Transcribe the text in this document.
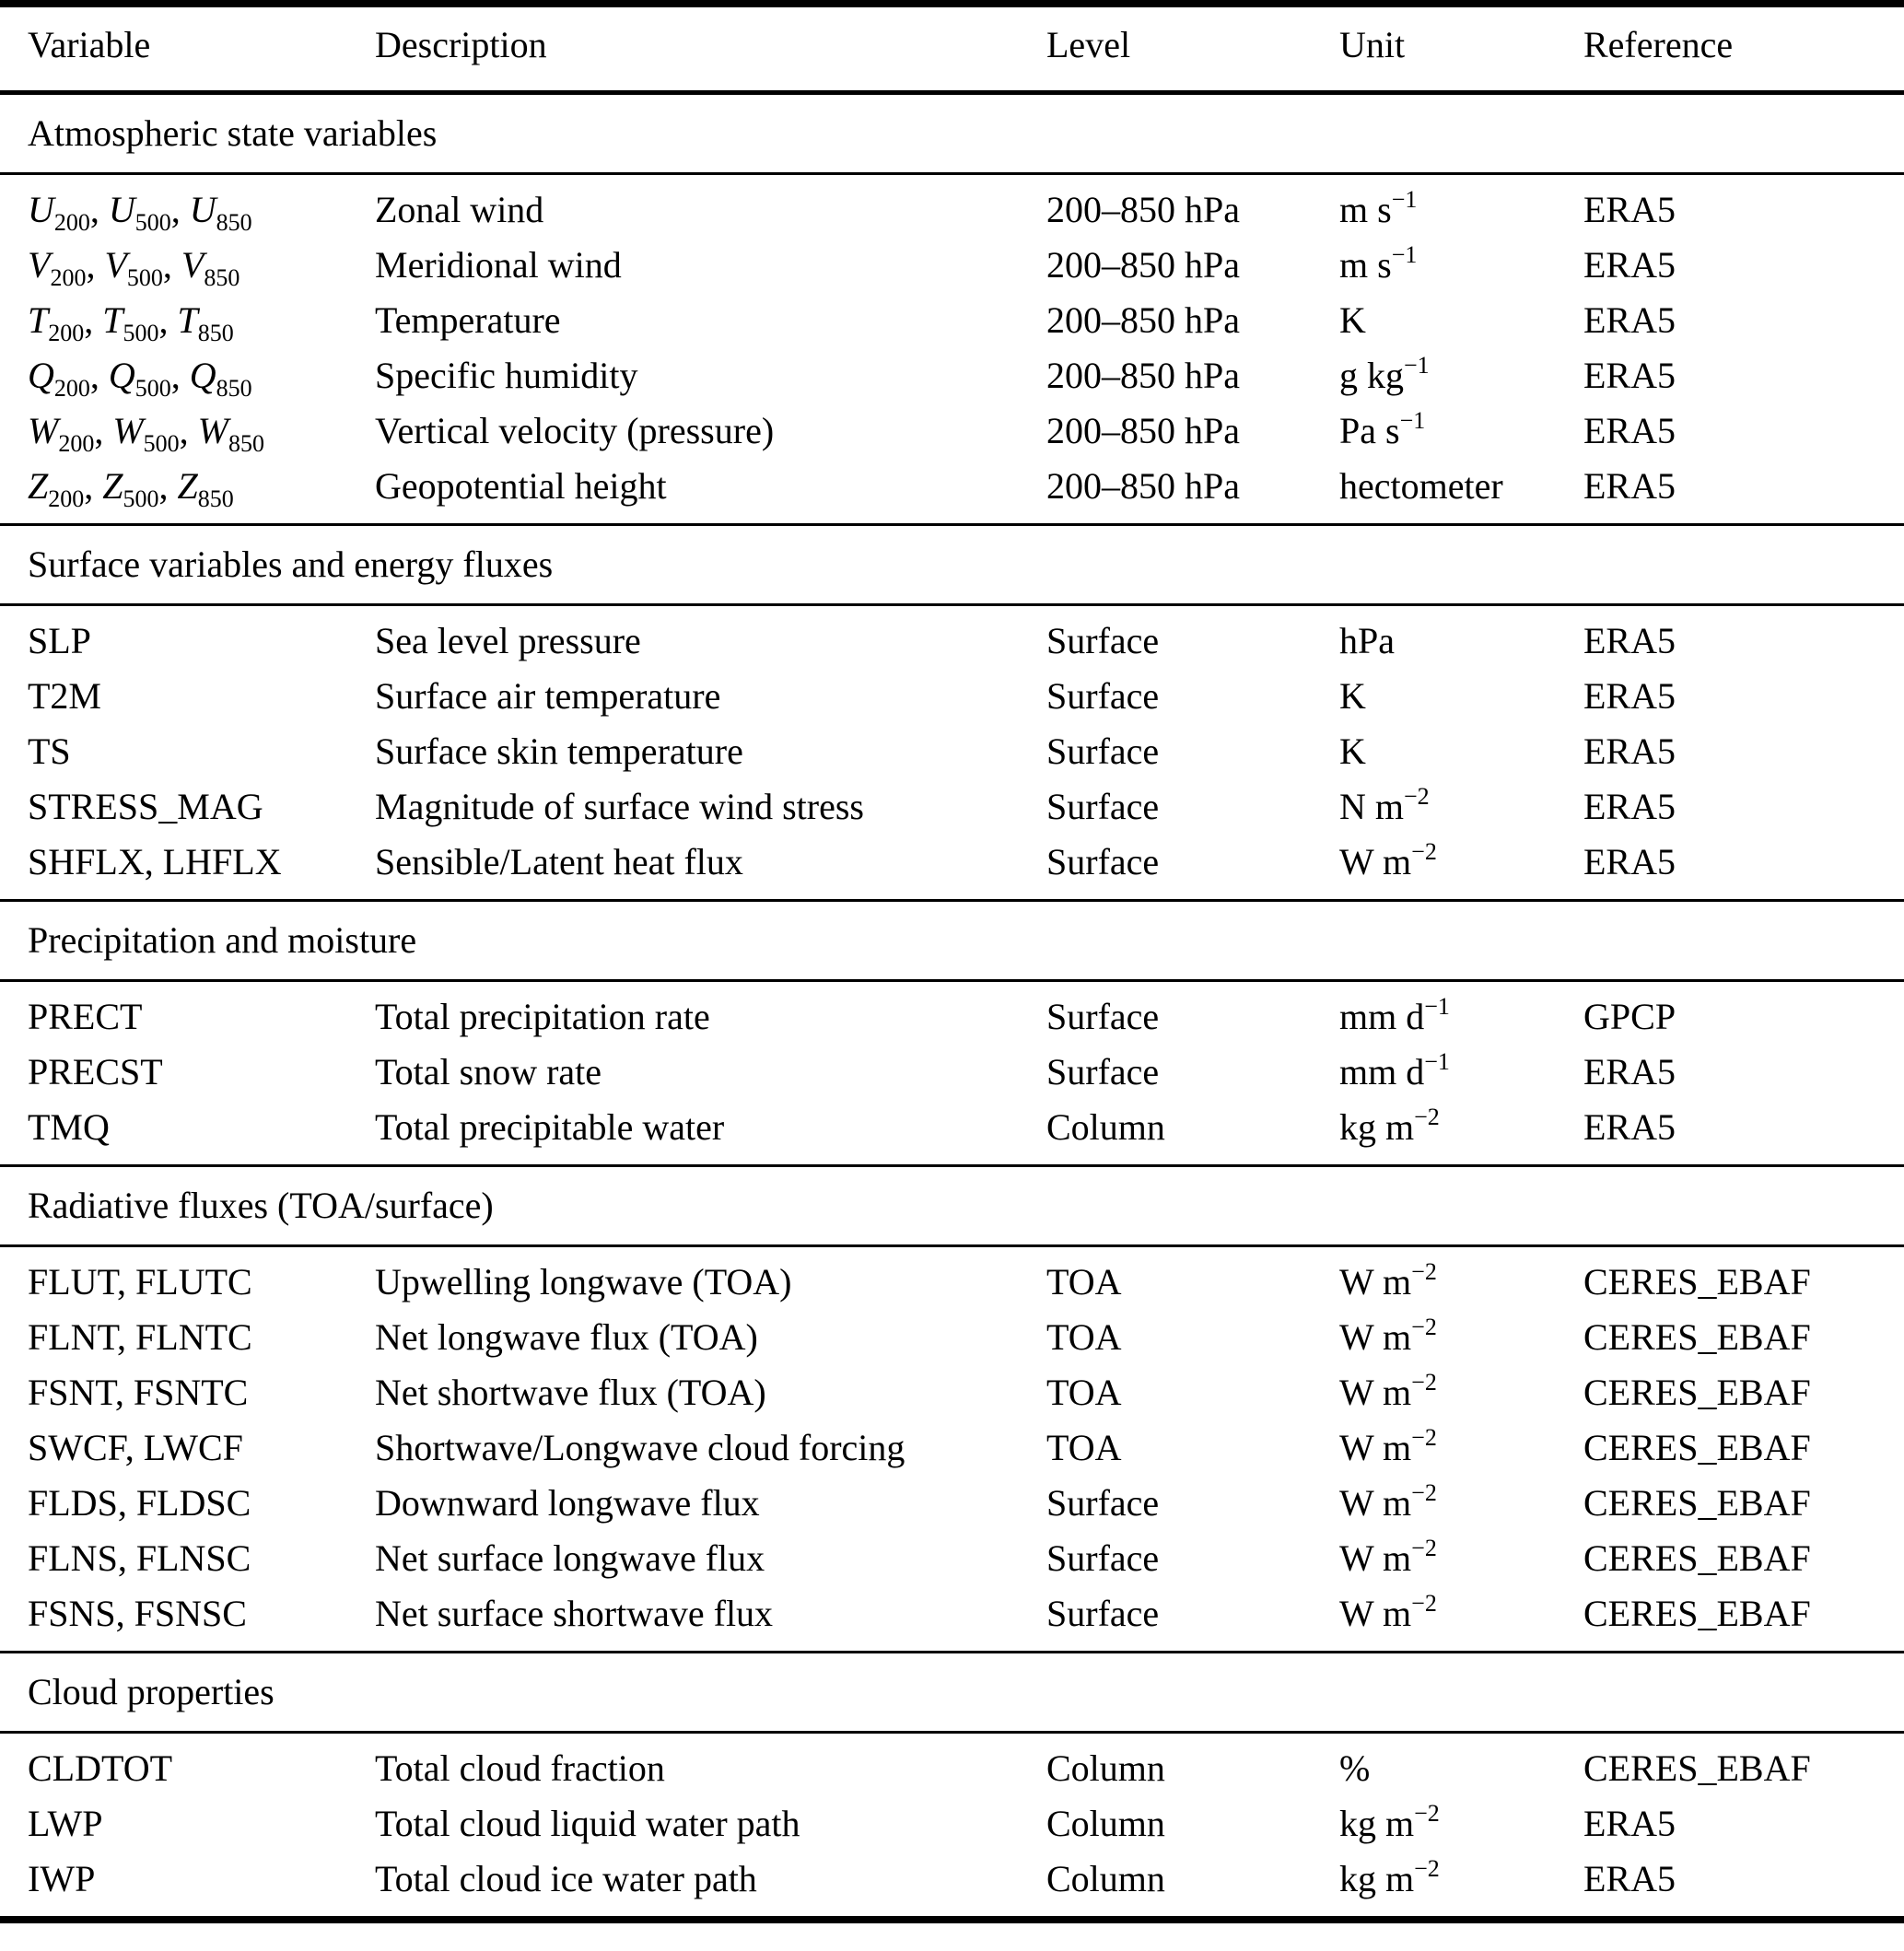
Variable	Description	Level	Unit	Reference
Atmospheric state variables				
$U_{200}$, $U_{500}$, $U_{850}$	Zonal wind	200–850 hPa	m $s^{-1}$	ERA5
$V_{200}$, $V_{500}$, $V_{850}$	Meridional wind	200–850 hPa	m $s^{-1}$	ERA5
$T_{200}$, $T_{500}$, $T_{850}$	Temperature	200–850 hPa	K	ERA5
$Q_{200}$, $Q_{500}$, $Q_{850}$	Specific humidity	200–850 hPa	g $kg^{-1}$	ERA5
$W_{200}$, $W_{500}$, $W_{850}$	Vertical velocity (pressure)	200–850 hPa	Pa $s^{-1}$	ERA5
$Z_{200}$, $Z_{500}$, $Z_{850}$	Geopotential height	200–850 hPa	hectometer	ERA5
Surface variables and energy fluxes				
SLP	Sea level pressure	Surface	hPa	ERA5
T2M	Surface air temperature	Surface	K	ERA5
TS	Surface skin temperature	Surface	K	ERA5
STRESS_MAG	Magnitude of surface wind stress	Surface	N $m^{-2}$	ERA5
SHFLX, LHFLX	Sensible/Latent heat flux	Surface	W $m^{-2}$	ERA5
Precipitation and moisture				
PRECT	Total precipitation rate	Surface	mm $d^{-1}$	GPCP
PRECST	Total snow rate	Surface	mm $d^{-1}$	ERA5
TMQ	Total precipitable water	Column	kg $m^{-2}$	ERA5
Radiative fluxes (TOA/surface)				
FLUT, FLUTC	Upwelling longwave (TOA)	TOA	W $m^{-2}$	CERES_EBAF
FLNT, FLNTC	Net longwave flux (TOA)	TOA	W $m^{-2}$	CERES_EBAF
FSNT, FSNTC	Net shortwave flux (TOA)	TOA	W $m^{-2}$	CERES_EBAF
SWCF, LWCF	Shortwave/Longwave cloud forcing	TOA	W $m^{-2}$	CERES_EBAF
FLDS, FLDSC	Downward longwave flux	Surface	W $m^{-2}$	CERES_EBAF
FLNS, FLNSC	Net surface longwave flux	Surface	W $m^{-2}$	CERES_EBAF
FSNS, FSNSC	Net surface shortwave flux	Surface	W $m^{-2}$	CERES_EBAF
Cloud properties				
CLDTOT	Total cloud fraction	Column	%	CERES_EBAF
LWP	Total cloud liquid water path	Column	kg $m^{-2}$	ERA5
IWP	Total cloud ice water path	Column	kg $m^{-2}$	ERA5
